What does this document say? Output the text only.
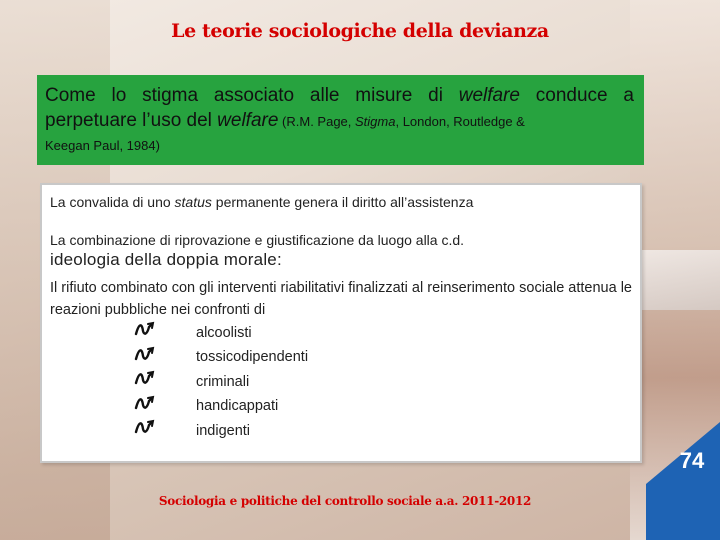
Le teorie sociologiche della devianza

Come lo stigma associato alle misure di welfare conduce a perpetuare l’uso del welfare (R.M. Page, Stigma, London, Routledge &

Keegan Paul, 1984)

La convalida di uno status permanente genera il diritto all’assistenza

La combinazione di riprovazione e giustificazione da luogo alla c.d.

ideologia della doppia morale:

Il rifiuto combinato con gli interventi riabilitativi finalizzati al reinserimento sociale attenua le reazioni pubbliche nei confronti di

alcoolisti
tossicodipendenti
criminali
handicappati
indigenti
74
Sociologia e politiche del controllo sociale a.a. 2011-2012
